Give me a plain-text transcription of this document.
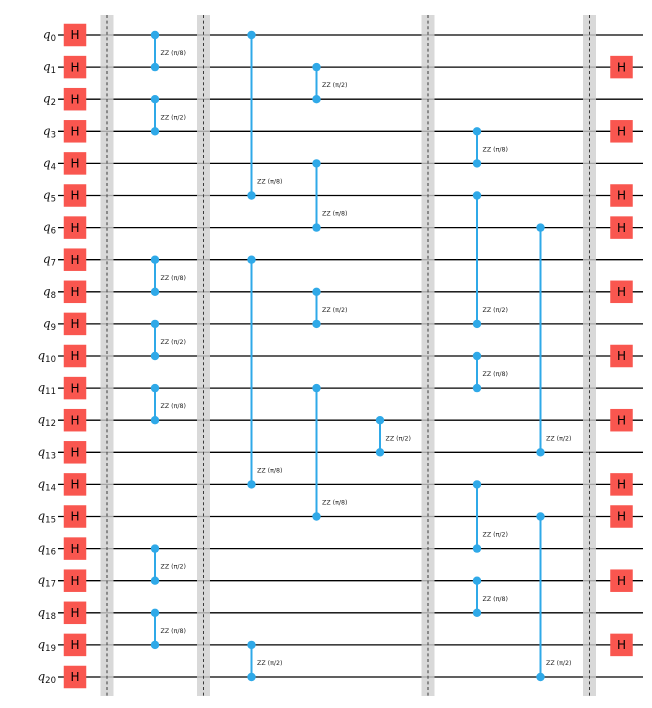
$q_0$
$q_1$
$q_2$
$q_3$
$q_4$
$q_5$
$q_6$
$q_7$
$q_8$
$q_9$
$q_{10}$
$q_{11}$
$q_{12}$
$q_{13}$
$q_{14}$
$q_{15}$
$q_{16}$
$q_{17}$
$q_{18}$
$q_{19}$
$q_{20}$
ZZ (π/8)
ZZ (π/2)
ZZ (π/8)
ZZ (π/2)
ZZ (π/8)
ZZ (π/2)
ZZ (π/8)
ZZ (π/8)
ZZ (π/8)
ZZ (π/2)
ZZ (π/2)
ZZ (π/8)
ZZ (π/2)
ZZ (π/8)
ZZ (π/2)
ZZ (π/8)
ZZ (π/2)
ZZ (π/8)
ZZ (π/2)
ZZ (π/8)
ZZ (π/2)
ZZ (π/2)
H
H
H
H
H
H
H
H
H
H
H
H
H
H
H
H
H
H
H
H
H
H
H
H
H
H
H
H
H
H
H
H
